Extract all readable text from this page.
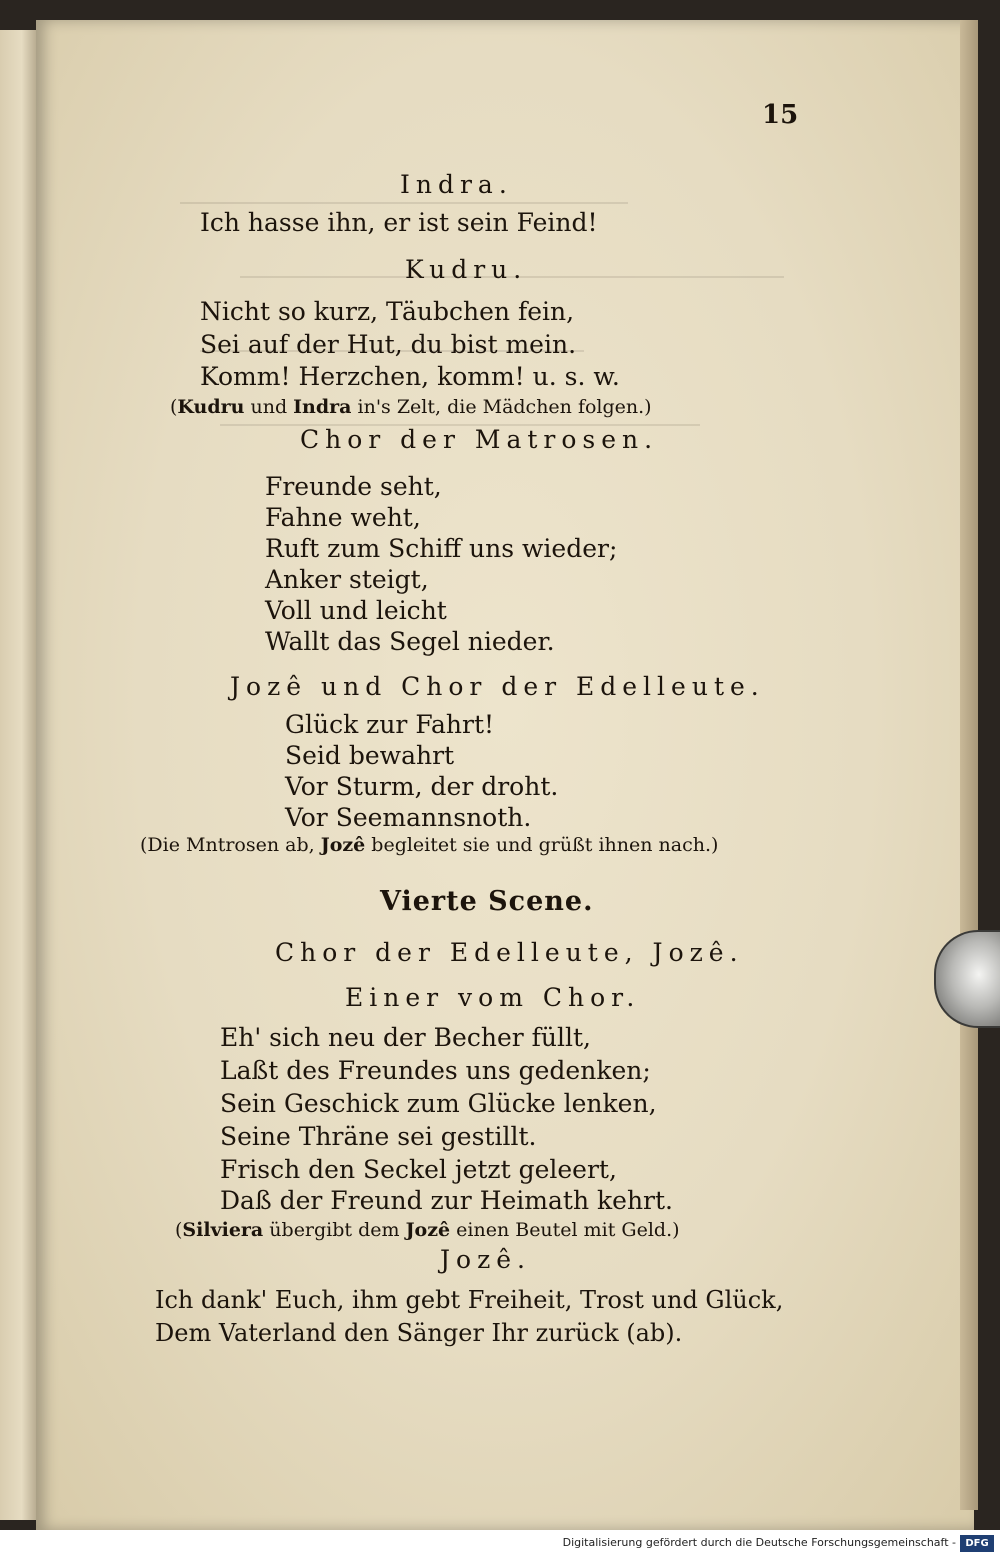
15
Indra.
Ich hasse ihn, er ist sein Feind!
Kudru.
Nicht so kurz, Täubchen fein,
Sei auf der Hut, du bist mein.
Komm! Herzchen, komm! u. s. w.
(Kudru und Indra in's Zelt, die Mädchen folgen.)
Chor der Matrosen.
Freunde seht,
Fahne weht,
Ruft zum Schiff uns wieder;
Anker steigt,
Voll und leicht
Wallt das Segel nieder.
Jozê und Chor der Edelleute.
Glück zur Fahrt!
Seid bewahrt
Vor Sturm, der droht.
Vor Seemannsnoth.
(Die Mntrosen ab, Jozê begleitet sie und grüßt ihnen nach.)
Vierte Scene.
Chor der Edelleute, Jozê.
Einer vom Chor.
Eh' sich neu der Becher füllt,
Laßt des Freundes uns gedenken;
Sein Geschick zum Glücke lenken,
Seine Thräne sei gestillt.
Frisch den Seckel jetzt geleert,
Daß der Freund zur Heimath kehrt.
(Silviera übergibt dem Jozê einen Beutel mit Geld.)
Jozê.
Ich dank' Euch, ihm gebt Freiheit, Trost und Glück,
Dem Vaterland den Sänger Ihr zurück (ab).
Digitalisierung gefördert durch die Deutsche Forschungsgemeinschaft - DFG
